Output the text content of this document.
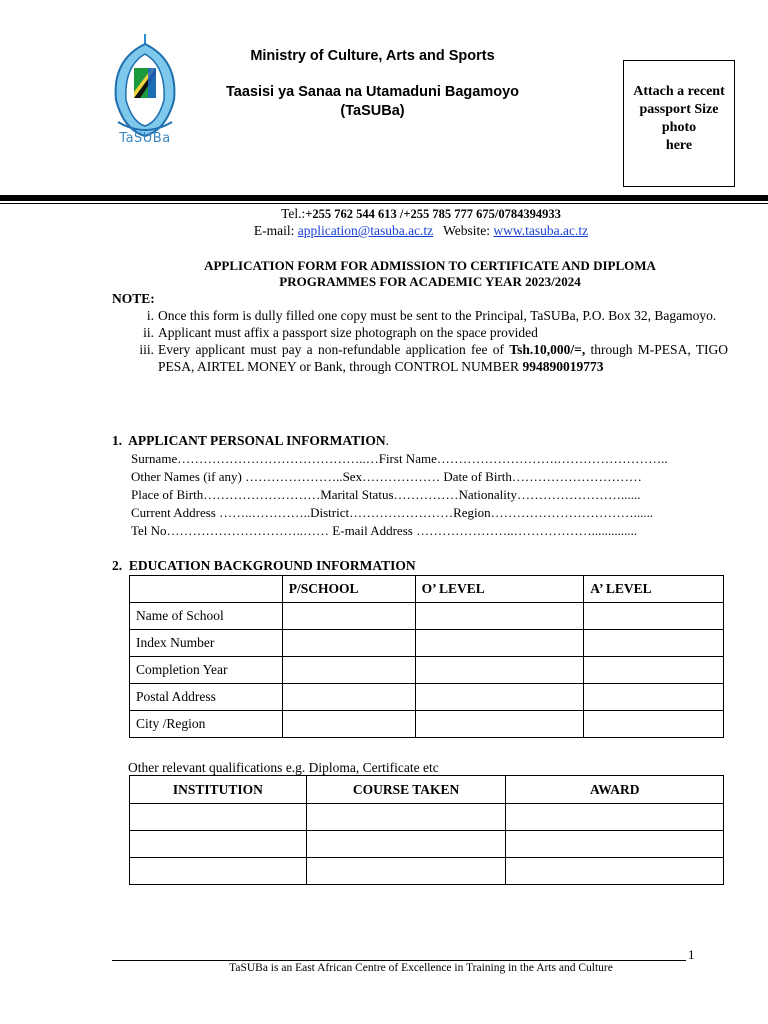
TaSUBa
Ministry of Culture, Arts and Sports
Taasisi ya Sanaa na Utamaduni Bagamoyo
(TaSUBa)
Attach a recent
passport Size
photo
here
Tel.:+255 762 544 613 /+255 785 777 675/0784394933
E-mail: application@tasuba.ac.tz Website: www.tasuba.ac.tz
APPLICATION FORM FOR ADMISSION TO CERTIFICATE AND DIPLOMA
PROGRAMMES FOR ACADEMIC YEAR 2023/2024
NOTE:
i. Once this form is dully filled one copy must be sent to the Principal, TaSUBa, P.O. Box 32, Bagamoyo.
ii. Applicant must affix a passport size photograph on the space provided
iii. Every applicant must pay a non-refundable application fee of Tsh.10,000/=, through M-PESA, TIGO PESA, AIRTEL MONEY or Bank, through CONTROL NUMBER 994890019773
1. APPLICANT PERSONAL INFORMATION.
Surname……………………………………..…First Name……………………….……………………..
Other Names (if any) …………………..Sex……………… Date of Birth…………………………
Place of Birth………………………Marital Status……………Nationality……………………......
Current Address ……..…………..District……………………Region……………………………......
Tel No…………………………..…… E-mail Address …………………..………………..............
2. EDUCATION BACKGROUND INFORMATION
	P/SCHOOL	O’ LEVEL	A’ LEVEL
Name of School			
Index Number			
Completion Year			
Postal Address			
City /Region			
Other relevant qualifications e.g. Diploma, Certificate etc
INSTITUTION	COURSE TAKEN	AWARD

1
TaSUBa is an East African Centre of Excellence in Training in the Arts and Culture
